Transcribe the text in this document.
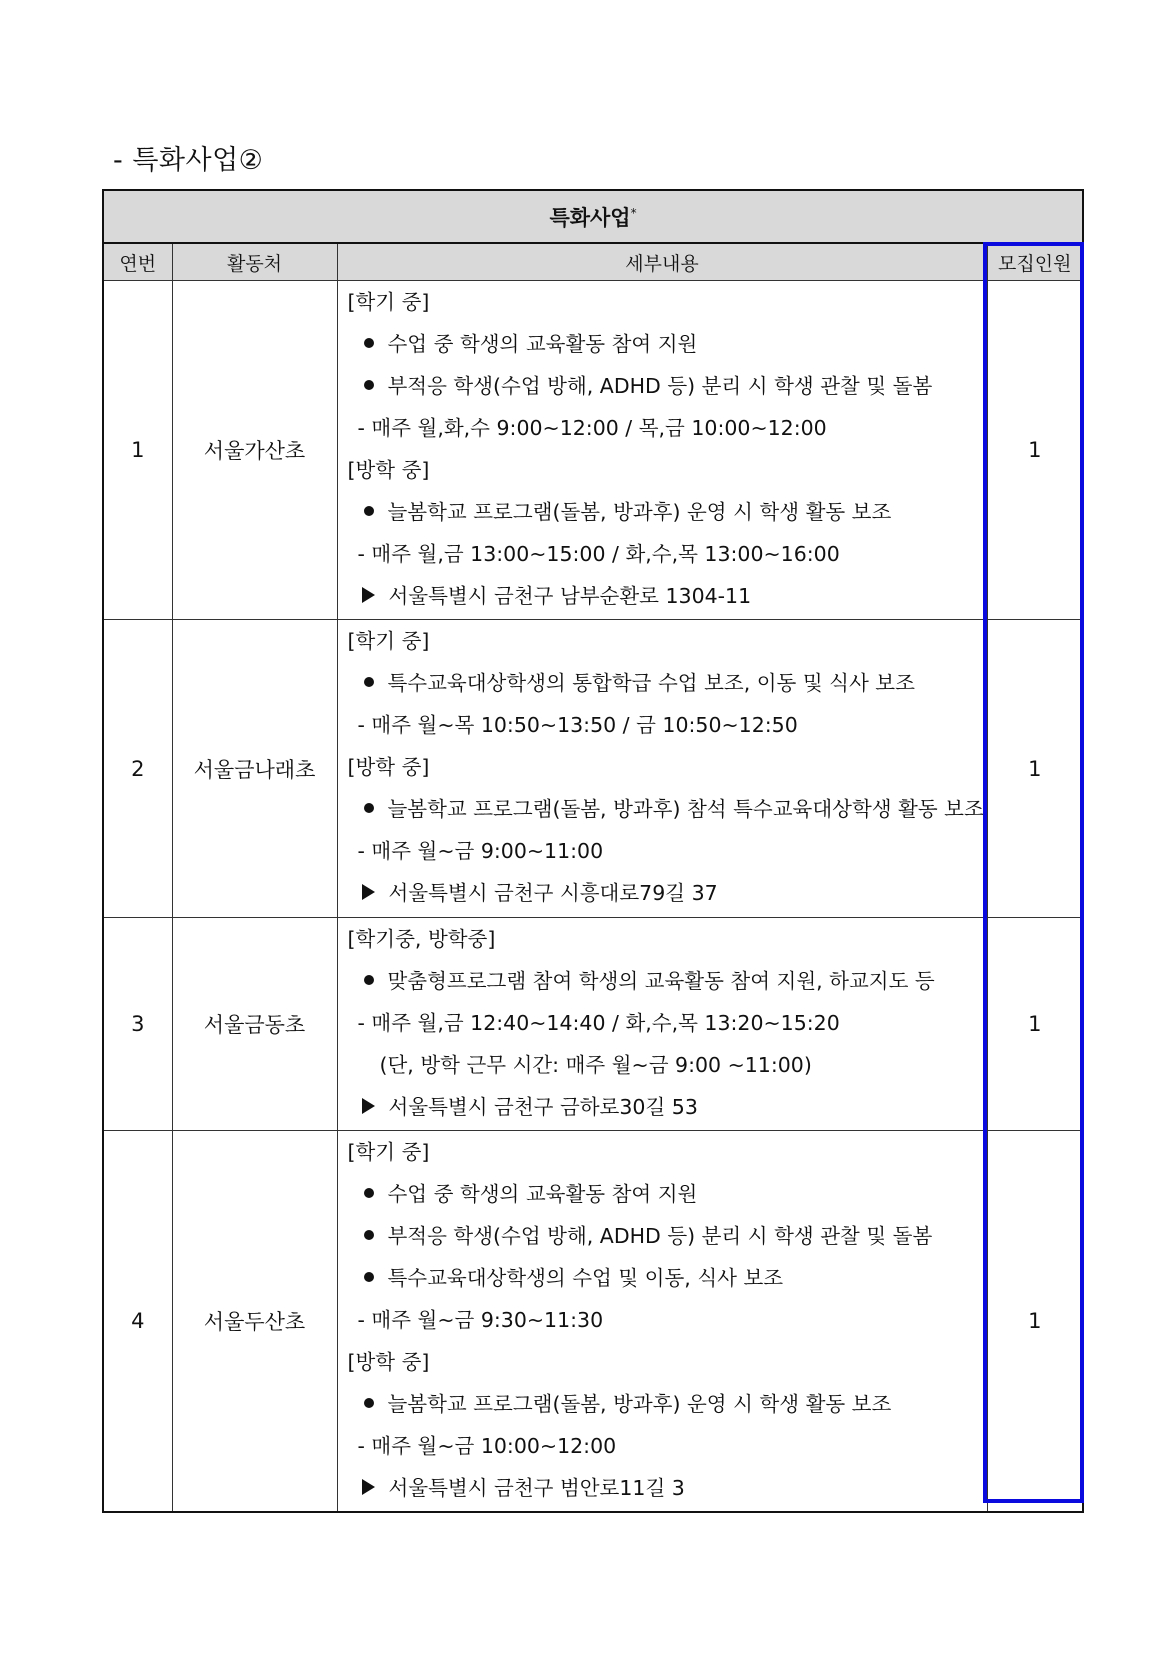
- 특화사업②
특화사업*
연번	활동처	세부내용	모집인원
1	서울가산초	
[학기 중]
수업 중 학생의 교육활동 참여 지원
부적응 학생(수업 방해, ADHD 등) 분리 시 학생 관찰 및 돌봄
- 매주 월,화,수 9:00~12:00 / 목,금 10:00~12:00
[방학 중]
늘봄학교 프로그램(돌봄, 방과후) 운영 시 학생 활동 보조
- 매주 월,금 13:00~15:00 / 화,수,목 13:00~16:00
서울특별시 금천구 남부순환로 1304-11
	1
2	서울금나래초	
[학기 중]
특수교육대상학생의 통합학급 수업 보조, 이동 및 식사 보조
- 매주 월~목 10:50~13:50 / 금 10:50~12:50
[방학 중]
늘봄학교 프로그램(돌봄, 방과후) 참석 특수교육대상학생 활동 보조
- 매주 월~금 9:00~11:00
서울특별시 금천구 시흥대로79길 37
	1
3	서울금동초	[학기중, 방학중]
맞춤형프로그램 참여 학생의 교육활동 참여 지원, 하교지도 등
- 매주 월,금 12:40~14:40 / 화,수,목 13:20~15:20
(단, 방학 근무 시간: 매주 월~금 9:00 ~11:00)
서울특별시 금천구 금하로30길 53	1
4	서울두산초	
[학기 중]
수업 중 학생의 교육활동 참여 지원
부적응 학생(수업 방해, ADHD 등) 분리 시 학생 관찰 및 돌봄
특수교육대상학생의 수업 및 이동, 식사 보조
- 매주 월~금 9:30~11:30
[방학 중]
늘봄학교 프로그램(돌봄, 방과후) 운영 시 학생 활동 보조
- 매주 월~금 10:00~12:00
서울특별시 금천구 범안로11길 3
	1
